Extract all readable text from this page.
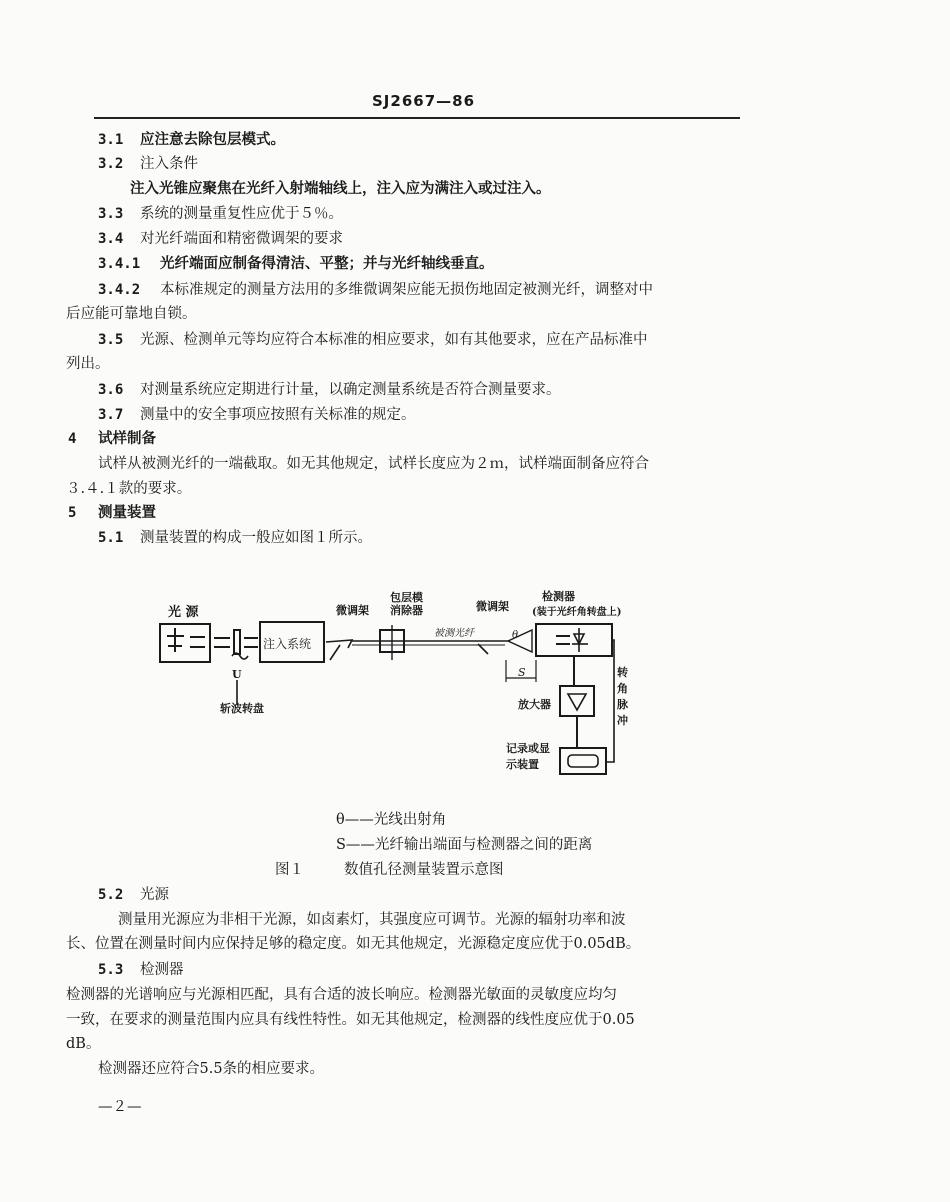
SJ2667—86
3.1 应注意去除包层模式。
3.2 注入条件
注入光锥应聚焦在光纤入射端轴线上，注入应为满注入或过注入。
3.3 系统的测量重复性应优于５％。
3.4 对光纤端面和精密微调架的要求
3.4.1 光纤端面应制备得清洁、平整；并与光纤轴线垂直。
3.4.2 本标准规定的测量方法用的多维微调架应能无损伤地固定被测光纤，调整对中
后应能可靠地自锁。
3.5 光源、检测单元等均应符合本标准的相应要求，如有其他要求，应在产品标准中
列出。
3.6 对测量系统应定期进行计量，以确定测量系统是否符合测量要求。
3.7 测量中的安全事项应按照有关标准的规定。
4 试样制备
试样从被测光纤的一端截取。如无其他规定，试样长度应为２ｍ，试样端面制备应符合
３.４.１款的要求。
5 测量装置
5.1 测量装置的构成一般应如图１所示。
光 源
注入系统
微调架
包层模
消除器	微调架
被测光纤
检测器
(装于光纤角转盘上)
斩波转盘
U
放大器
记录或显
示装置
转
角
脉
冲
S
θ
θ——光线出射角
S——光纤输出端面与检测器之间的距离
图１	数值孔径测量装置示意图
5.2 光源
测量用光源应为非相干光源，如卤素灯，其强度应可调节。光源的辐射功率和波
长、位置在测量时间内应保持足够的稳定度。如无其他规定，光源稳定度应优于0.05dB。
5.3 检测器
检测器的光谱响应与光源相匹配，具有合适的波长响应。检测器光敏面的灵敏度应均匀
一致，在要求的测量范围内应具有线性特性。如无其他规定，检测器的线性度应优于0.05
dB。
检测器还应符合5.5条的相应要求。
—２—
